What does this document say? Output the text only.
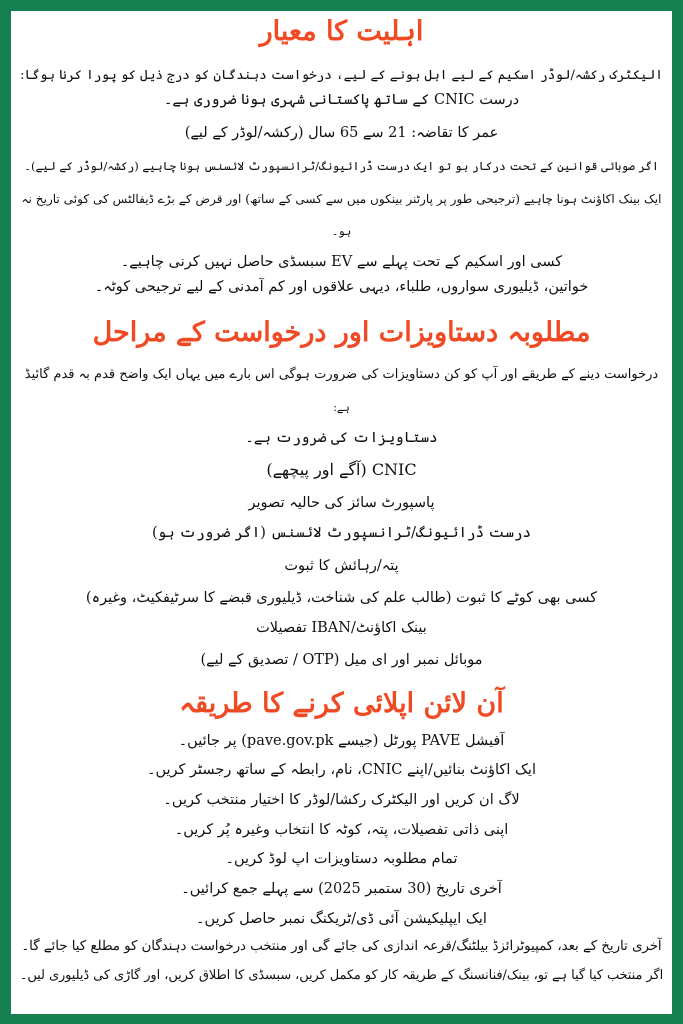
اہلیت کا معیار
الیکٹرک رکشہ/لوڈر اسکیم کے لیے اہل ہونے کے لیے، درخواست دہندگان کو درج ذیل کو پورا کرنا ہوگا:
درست CNIC کے ساتھ پاکستانی شہری ہونا ضروری ہے۔
عمر کا تقاضہ: 21 سے 65 سال (رکشہ/لوڈر کے لیے)
اگر صوبائی قوانین کے تحت درکار ہو تو ایک درست ڈرائیونگ/ٹرانسپورٹ لائسنس ہونا چاہیے (رکشہ/لوڈر کے لیے)۔
ایک بینک اکاؤنٹ ہونا چاہیے (ترجیحی طور پر پارٹنر بینکوں میں سے کسی کے ساتھ) اور قرض کے بڑے ڈیفالٹس کی کوئی تاریخ نہ
ہو۔
کسی اور اسکیم کے تحت پہلے سے EV سبسڈی حاصل نہیں کرنی چاہیے۔
خواتین، ڈیلیوری سواروں، طلباء، دیہی علاقوں اور کم آمدنی کے لیے ترجیحی کوٹہ۔
مطلوبہ دستاویزات اور درخواست کے مراحل
درخواست دینے کے طریقے اور آپ کو کن دستاویزات کی ضرورت ہوگی اس بارے میں یہاں ایک واضح قدم بہ قدم گائیڈ
ہے:
دستاویزات کی ضرورت ہے۔
CNIC (آگے اور پیچھے)
پاسپورٹ سائز کی حالیہ تصویر
درست ڈرائیونگ/ٹرانسپورٹ لائسنس (اگر ضرورت ہو)
پتہ/رہائش کا ثبوت
کسی بھی کوٹے کا ثبوت (طالب علم کی شناخت، ڈیلیوری قبضے کا سرٹیفکیٹ، وغیرہ)
بینک اکاؤنٹ/IBAN تفصیلات
موبائل نمبر اور ای میل (OTP / تصدیق کے لیے)
آن لائن اپلائی کرنے کا طریقہ
آفیشل PAVE پورٹل (جیسے pave.gov.pk) پر جائیں۔
ایک اکاؤنٹ بنائیں/اپنے CNIC، نام، رابطہ کے ساتھ رجسٹر کریں۔
لاگ ان کریں اور الیکٹرک رکشا/لوڈر کا اختیار منتخب کریں۔
اپنی ذاتی تفصیلات، پتہ، کوٹہ کا انتخاب وغیرہ پُر کریں۔
تمام مطلوبہ دستاویزات اپ لوڈ کریں۔
آخری تاریخ (30 ستمبر 2025) سے پہلے جمع کرائیں۔
ایک ایپلیکیشن آئی ڈی/ٹریکنگ نمبر حاصل کریں۔
آخری تاریخ کے بعد، کمپیوٹرائزڈ بیلٹنگ/قرعہ اندازی کی جائے گی اور منتخب درخواست دہندگان کو مطلع کیا جائے گا۔
اگر منتخب کیا گیا ہے تو، بینک/فنانسنگ کے طریقہ کار کو مکمل کریں، سبسڈی کا اطلاق کریں، اور گاڑی کی ڈیلیوری لیں۔
